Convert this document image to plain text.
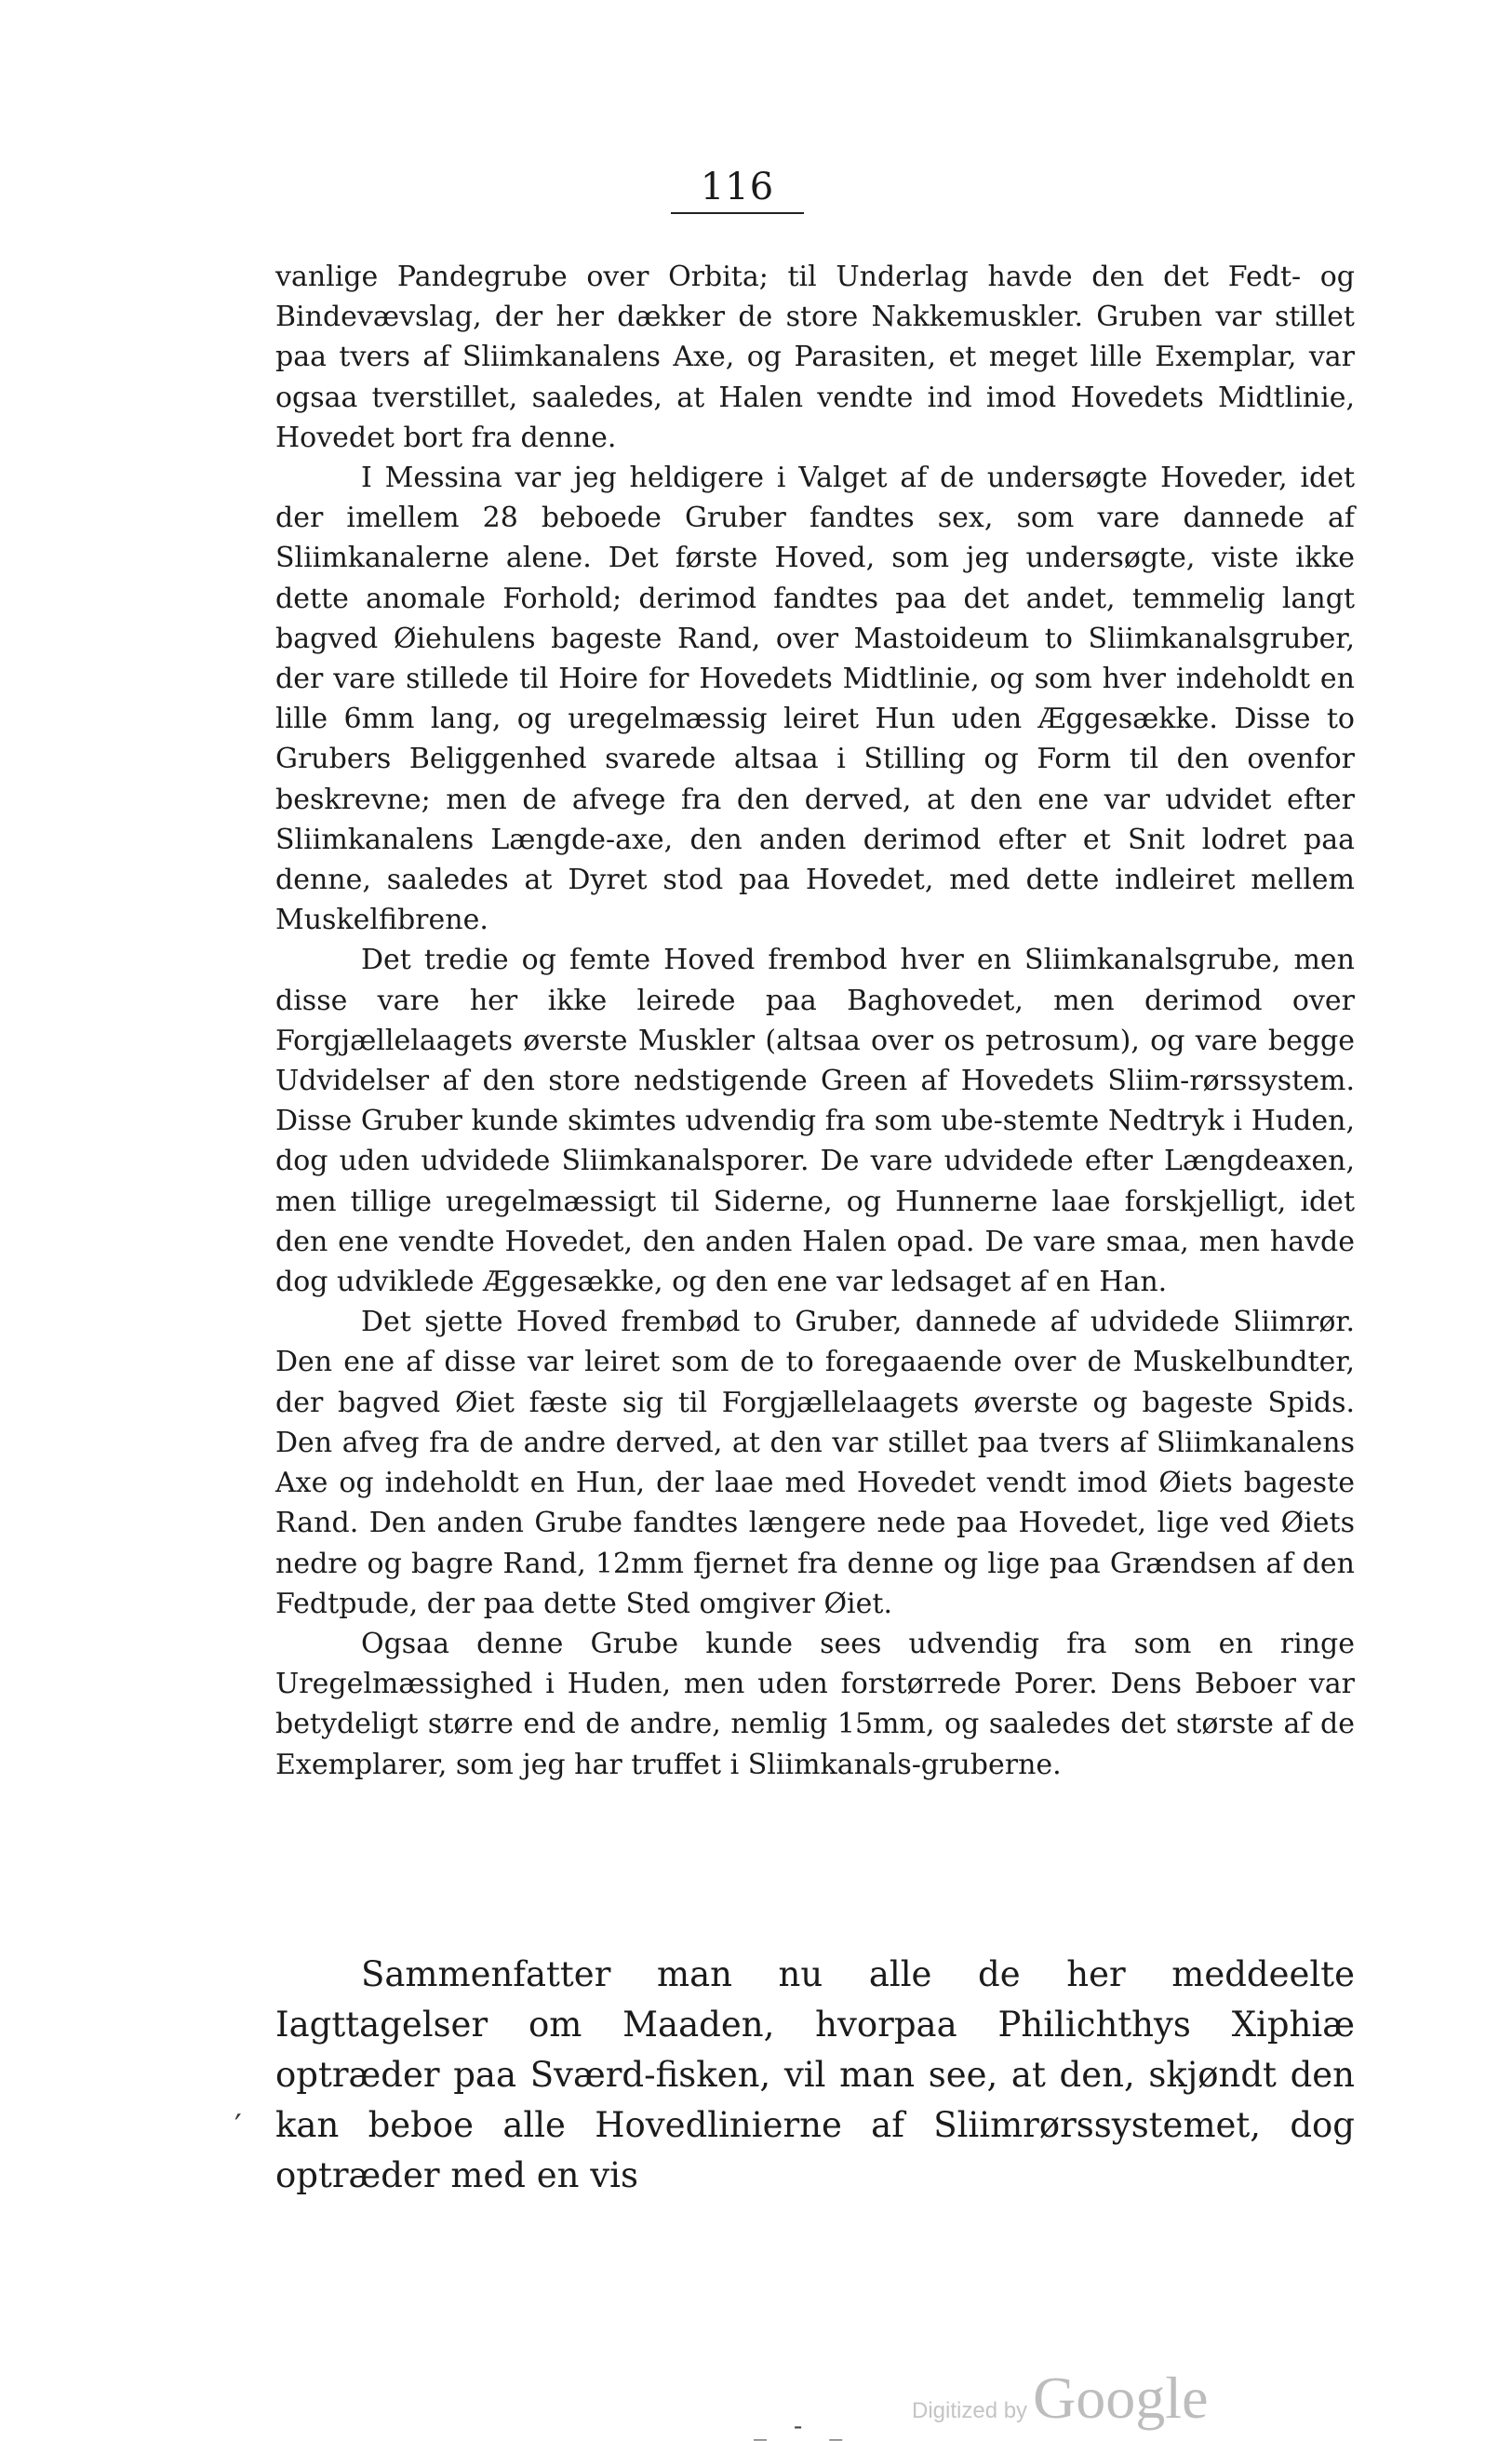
116

vanlige Pandegrube over Orbita; til Underlag havde den det Fedt- og Bindevævslag, der her dækker de store Nakkemuskler. Gruben var stillet paa tvers af Sliimkanalens Axe, og Parasiten, et meget lille Exemplar, var ogsaa tverstillet, saaledes, at Halen vendte ind imod Hovedets Midtlinie, Hovedet bort fra denne.

I Messina var jeg heldigere i Valget af de undersøgte Hoveder, idet der imellem 28 beboede Gruber fandtes sex, som vare dannede af Sliimkanalerne alene. Det første Hoved, som jeg undersøgte, viste ikke dette anomale Forhold; derimod fandtes paa det andet, temmelig langt bagved Øiehulens bageste Rand, over Mastoideum to Sliimkanalsgruber, der vare stillede til Hoire for Hovedets Midtlinie, og som hver indeholdt en lille 6mm lang, og uregelmæssig leiret Hun uden Æggesække. Disse to Grubers Beliggenhed svarede altsaa i Stilling og Form til den ovenfor beskrevne; men de afvege fra den derved, at den ene var udvidet efter Sliimkanalens Længde-axe, den anden derimod efter et Snit lodret paa denne, saaledes at Dyret stod paa Hovedet, med dette indleiret mellem Muskelfibrene.

Det tredie og femte Hoved frembod hver en Sliimkanalsgrube, men disse vare her ikke leirede paa Baghovedet, men derimod over Forgjællelaagets øverste Muskler (altsaa over os petrosum), og vare begge Udvidelser af den store nedstigende Green af Hovedets Sliim-rørssystem. Disse Gruber kunde skimtes udvendig fra som ube-stemte Nedtryk i Huden, dog uden udvidede Sliimkanalsporer. De vare udvidede efter Længdeaxen, men tillige uregelmæssigt til Siderne, og Hunnerne laae forskjelligt, idet den ene vendte Hovedet, den anden Halen opad. De vare smaa, men havde dog udviklede Æggesække, og den ene var ledsaget af en Han.

Det sjette Hoved frembød to Gruber, dannede af udvidede Sliimrør. Den ene af disse var leiret som de to foregaaende over de Muskelbundter, der bagved Øiet fæste sig til Forgjællelaagets øverste og bageste Spids. Den afveg fra de andre derved, at den var stillet paa tvers af Sliimkanalens Axe og indeholdt en Hun, der laae med Hovedet vendt imod Øiets bageste Rand. Den anden Grube fandtes længere nede paa Hovedet, lige ved Øiets nedre og bagre Rand, 12mm fjernet fra denne og lige paa Grændsen af den Fedtpude, der paa dette Sted omgiver Øiet.

Ogsaa denne Grube kunde sees udvendig fra som en ringe Uregelmæssighed i Huden, men uden forstørrede Porer. Dens Beboer var betydeligt større end de andre, nemlig 15mm, og saaledes det største af de Exemplarer, som jeg har truffet i Sliimkanals-gruberne.

Sammenfatter man nu alle de her meddeelte Iagttagelser om Maaden, hvorpaa Philichthys Xiphiæ optræder paa Sværd-fisken, vil man see, at den, skjøndt den kan beboe alle Hovedlinierne af Sliimrørssystemet, dog optræder med en vis

′
_ - _	Digitized by Google
